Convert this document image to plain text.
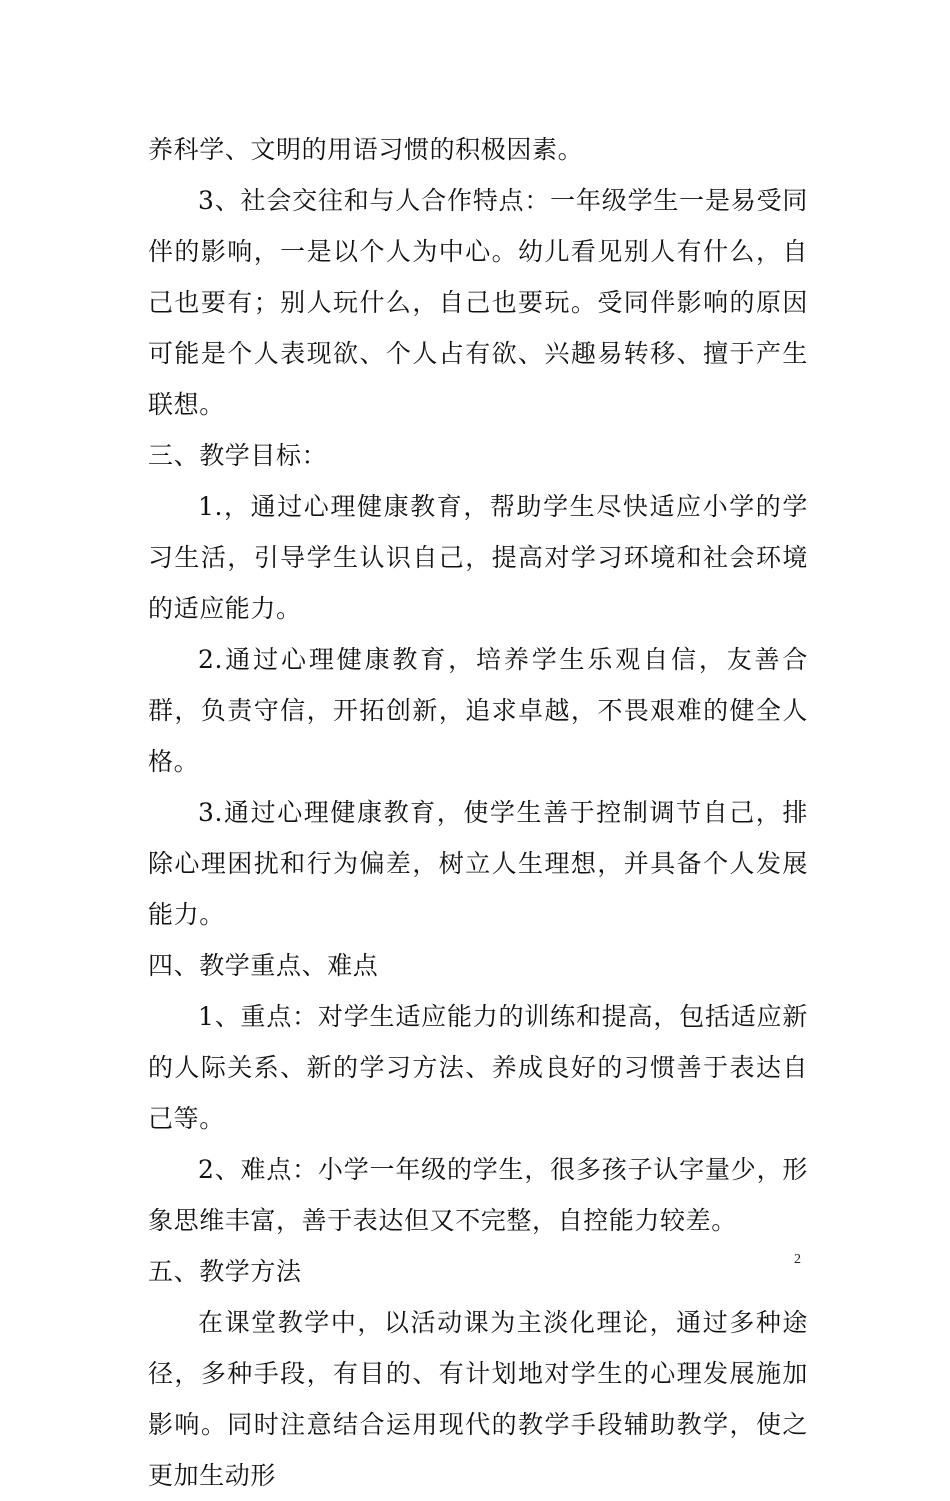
养科学、文明的用语习惯的积极因素。

3、社会交往和与人合作特点：一年级学生一是易受同伴的影响，一是以个人为中心。幼儿看见别人有什么，自己也要有；别人玩什么，自己也要玩。受同伴影响的原因可能是个人表现欲、个人占有欲、兴趣易转移、擅于产生联想。

三、教学目标：

1.，通过心理健康教育，帮助学生尽快适应小学的学习生活，引导学生认识自己，提高对学习环境和社会环境的适应能力。

2.通过心理健康教育，培养学生乐观自信，友善合群，负责守信，开拓创新，追求卓越，不畏艰难的健全人格。

3.通过心理健康教育，使学生善于控制调节自己，排除心理困扰和行为偏差，树立人生理想，并具备个人发展能力。

四、教学重点、难点

1、重点：对学生适应能力的训练和提高，包括适应新的人际关系、新的学习方法、养成良好的习惯善于表达自己等。

2、难点：小学一年级的学生，很多孩子认字量少，形象思维丰富，善于表达但又不完整，自控能力较差。

五、教学方法

在课堂教学中，以活动课为主淡化理论，通过多种途径，多种手段，有目的、有计划地对学生的心理发展施加影响。同时注意结合运用现代的教学手段辅助教学，使之更加生动形

2
